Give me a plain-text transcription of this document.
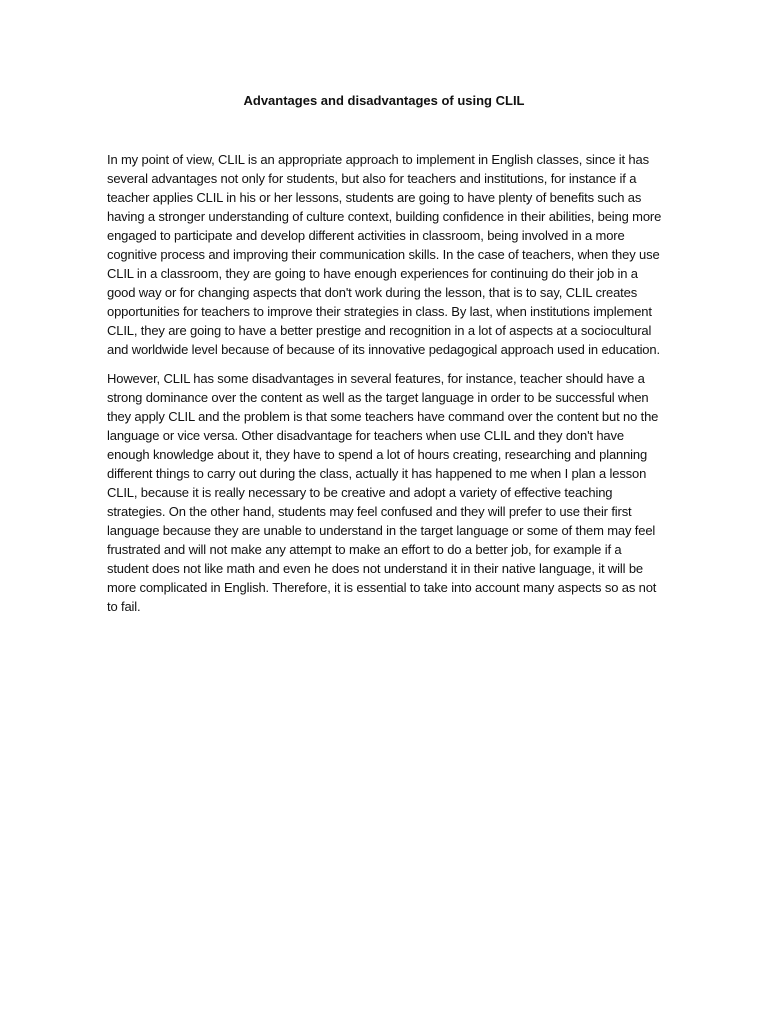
Advantages and disadvantages of using CLIL

In my point of view, CLIL is an appropriate approach to implement in English classes, since it has several advantages not only for students, but also for teachers and institutions, for instance if a teacher applies CLIL in his or her lessons, students are going to have plenty of benefits such as having a stronger understanding of culture context, building confidence in their abilities, being more engaged to participate and develop different activities in classroom, being involved in a more cognitive process and improving their communication skills. In the case of teachers, when they use CLIL in a classroom, they are going to have enough experiences for continuing do their job in a good way or for changing aspects that don't work during the lesson, that is to say, CLIL creates opportunities for teachers to improve their strategies in class. By last, when institutions implement CLIL, they are going to have a better prestige and recognition in a lot of aspects at a sociocultural and worldwide level because of because of its innovative pedagogical approach used in education.

However, CLIL has some disadvantages in several features, for instance, teacher should have a strong dominance over the content as well as the target language in order to be successful when they apply CLIL and the problem is that some teachers have command over the content but no the language or vice versa. Other disadvantage for teachers when use CLIL and they don't have enough knowledge about it, they have to spend a lot of hours creating, researching and planning different things to carry out during the class, actually it has happened to me when I plan a lesson CLIL, because it is really necessary to be creative and adopt a variety of effective teaching strategies. On the other hand, students may feel confused and they will prefer to use their first language because they are unable to understand in the target language or some of them may feel frustrated and will not make any attempt to make an effort to do a better job, for example if a student does not like math and even he does not understand it in their native language, it will be more complicated in English. Therefore, it is essential to take into account many aspects so as not to fail.
